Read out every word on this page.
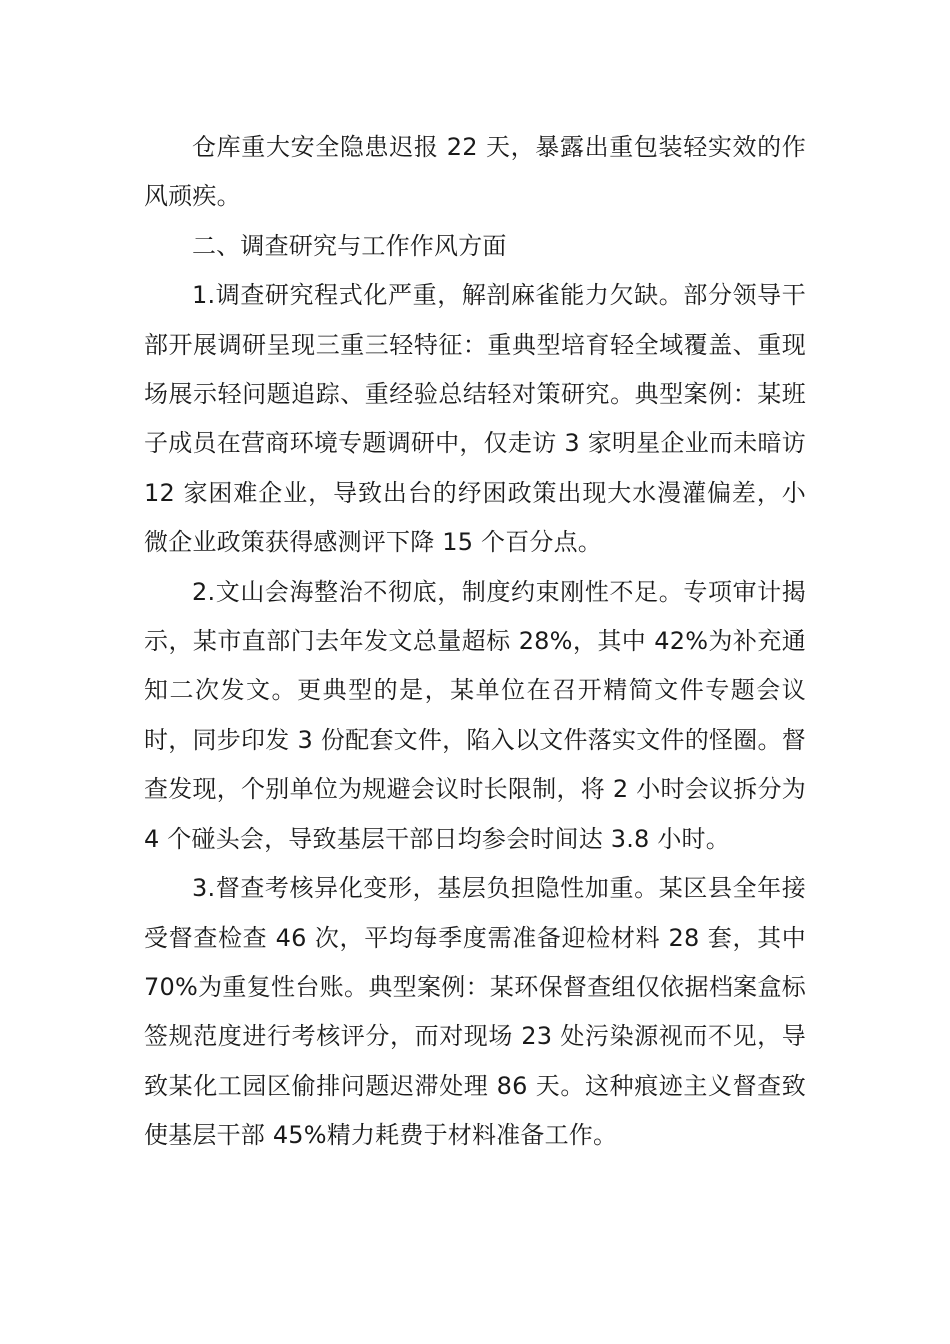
仓库重大安全隐患迟报 22 天，暴露出重包装轻实效的作风顽疾。

二、调查研究与工作作风方面

1.调查研究程式化严重，解剖麻雀能力欠缺。部分领导干部开展调研呈现三重三轻特征：重典型培育轻全域覆盖、重现场展示轻问题追踪、重经验总结轻对策研究。典型案例：某班子成员在营商环境专题调研中，仅走访 3 家明星企业而未暗访 12 家困难企业，导致出台的纾困政策出现大水漫灌偏差，小微企业政策获得感测评下降 15 个百分点。

2.文山会海整治不彻底，制度约束刚性不足。专项审计揭示，某市直部门去年发文总量超标 28%，其中 42%为补充通知二次发文。更典型的是，某单位在召开精简文件专题会议时，同步印发 3 份配套文件，陷入以文件落实文件的怪圈。督查发现，个别单位为规避会议时长限制，将 2 小时会议拆分为 4 个碰头会，导致基层干部日均参会时间达 3.8 小时。

3.督查考核异化变形，基层负担隐性加重。某区县全年接受督查检查 46 次，平均每季度需准备迎检材料 28 套，其中 70%为重复性台账。典型案例：某环保督查组仅依据档案盒标签规范度进行考核评分，而对现场 23 处污染源视而不见，导致某化工园区偷排问题迟滞处理 86 天。这种痕迹主义督查致使基层干部 45%精力耗费于材料准备工作。
